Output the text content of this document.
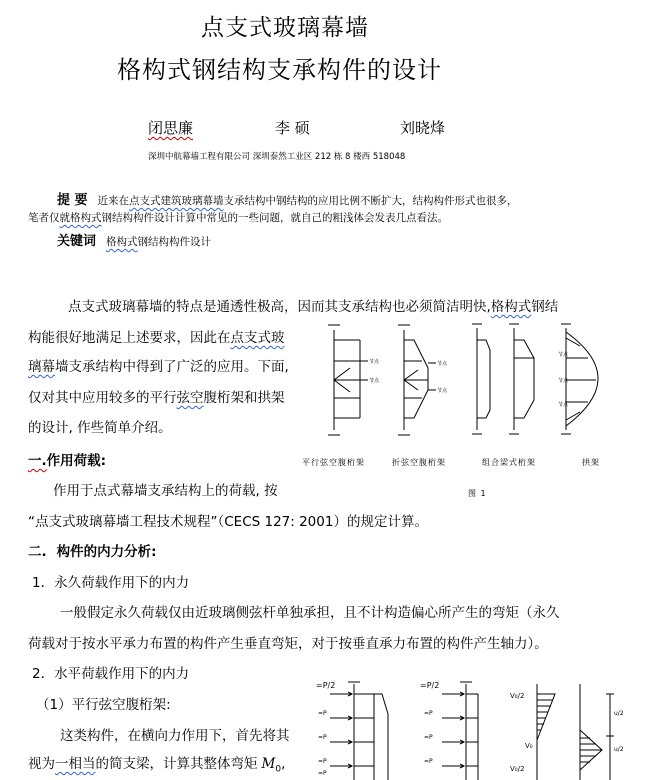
点支式玻璃幕墙
格构式钢结构支承构件的设计
闭思廉	李 硕	刘晓烽
深圳中航幕墙工程有限公司 深圳泰然工业区 212 栋 8 楼西 518048
提 要 近来在点支式建筑玻璃幕墙支承结构中钢结构的应用比例不断扩大，结构构件形式也很多，
笔者仅就格构式钢结构构件设计计算中常见的一些问题，就自己的粗浅体会发表几点看法。
关键词 格构式钢结构构件设计
点支式玻璃幕墙的特点是通透性极高，因而其支承结构也必须简洁明快,格构式钢结
构能很好地满足上述要求，因此在点支式玻
璃幕墙支承结构中得到了广泛的应用。下面,
仅对其中应用较多的平行弦空腹桁架和拱架
的设计, 作些简单介绍。
一.作用荷载:
作用于点式幕墙支承结构上的荷载, 按
“点支式玻璃幕墙工程技术规程”（CECS 127: 2001）的规定计算。
节点
节点
节点
节点
节点
节点
节点
平行弦空腹桁架	折弦空腹桁架	组合梁式桁架	拱架
图 1
二. 构件的内力分析:
1．永久荷载作用下的内力
一般假定永久荷载仅由近玻璃侧弦杆单独承担，且不计构造偏心所产生的弯矩（永久
荷载对于按水平承力布置的构件产生垂直弯矩，对于按垂直承力布置的构件产生轴力）。
2．水平荷载作用下的内力
（1）平行弦空腹桁架:
这类构件，在横向力作用下，首先将其
视为一相当的简支梁，计算其整体弯矩 $M_0$,
=P/2
=P
=P
=P
=P
=P/2
=P
=P
=P
V₀/2
V₀
V₀/2
u/2
u/2
